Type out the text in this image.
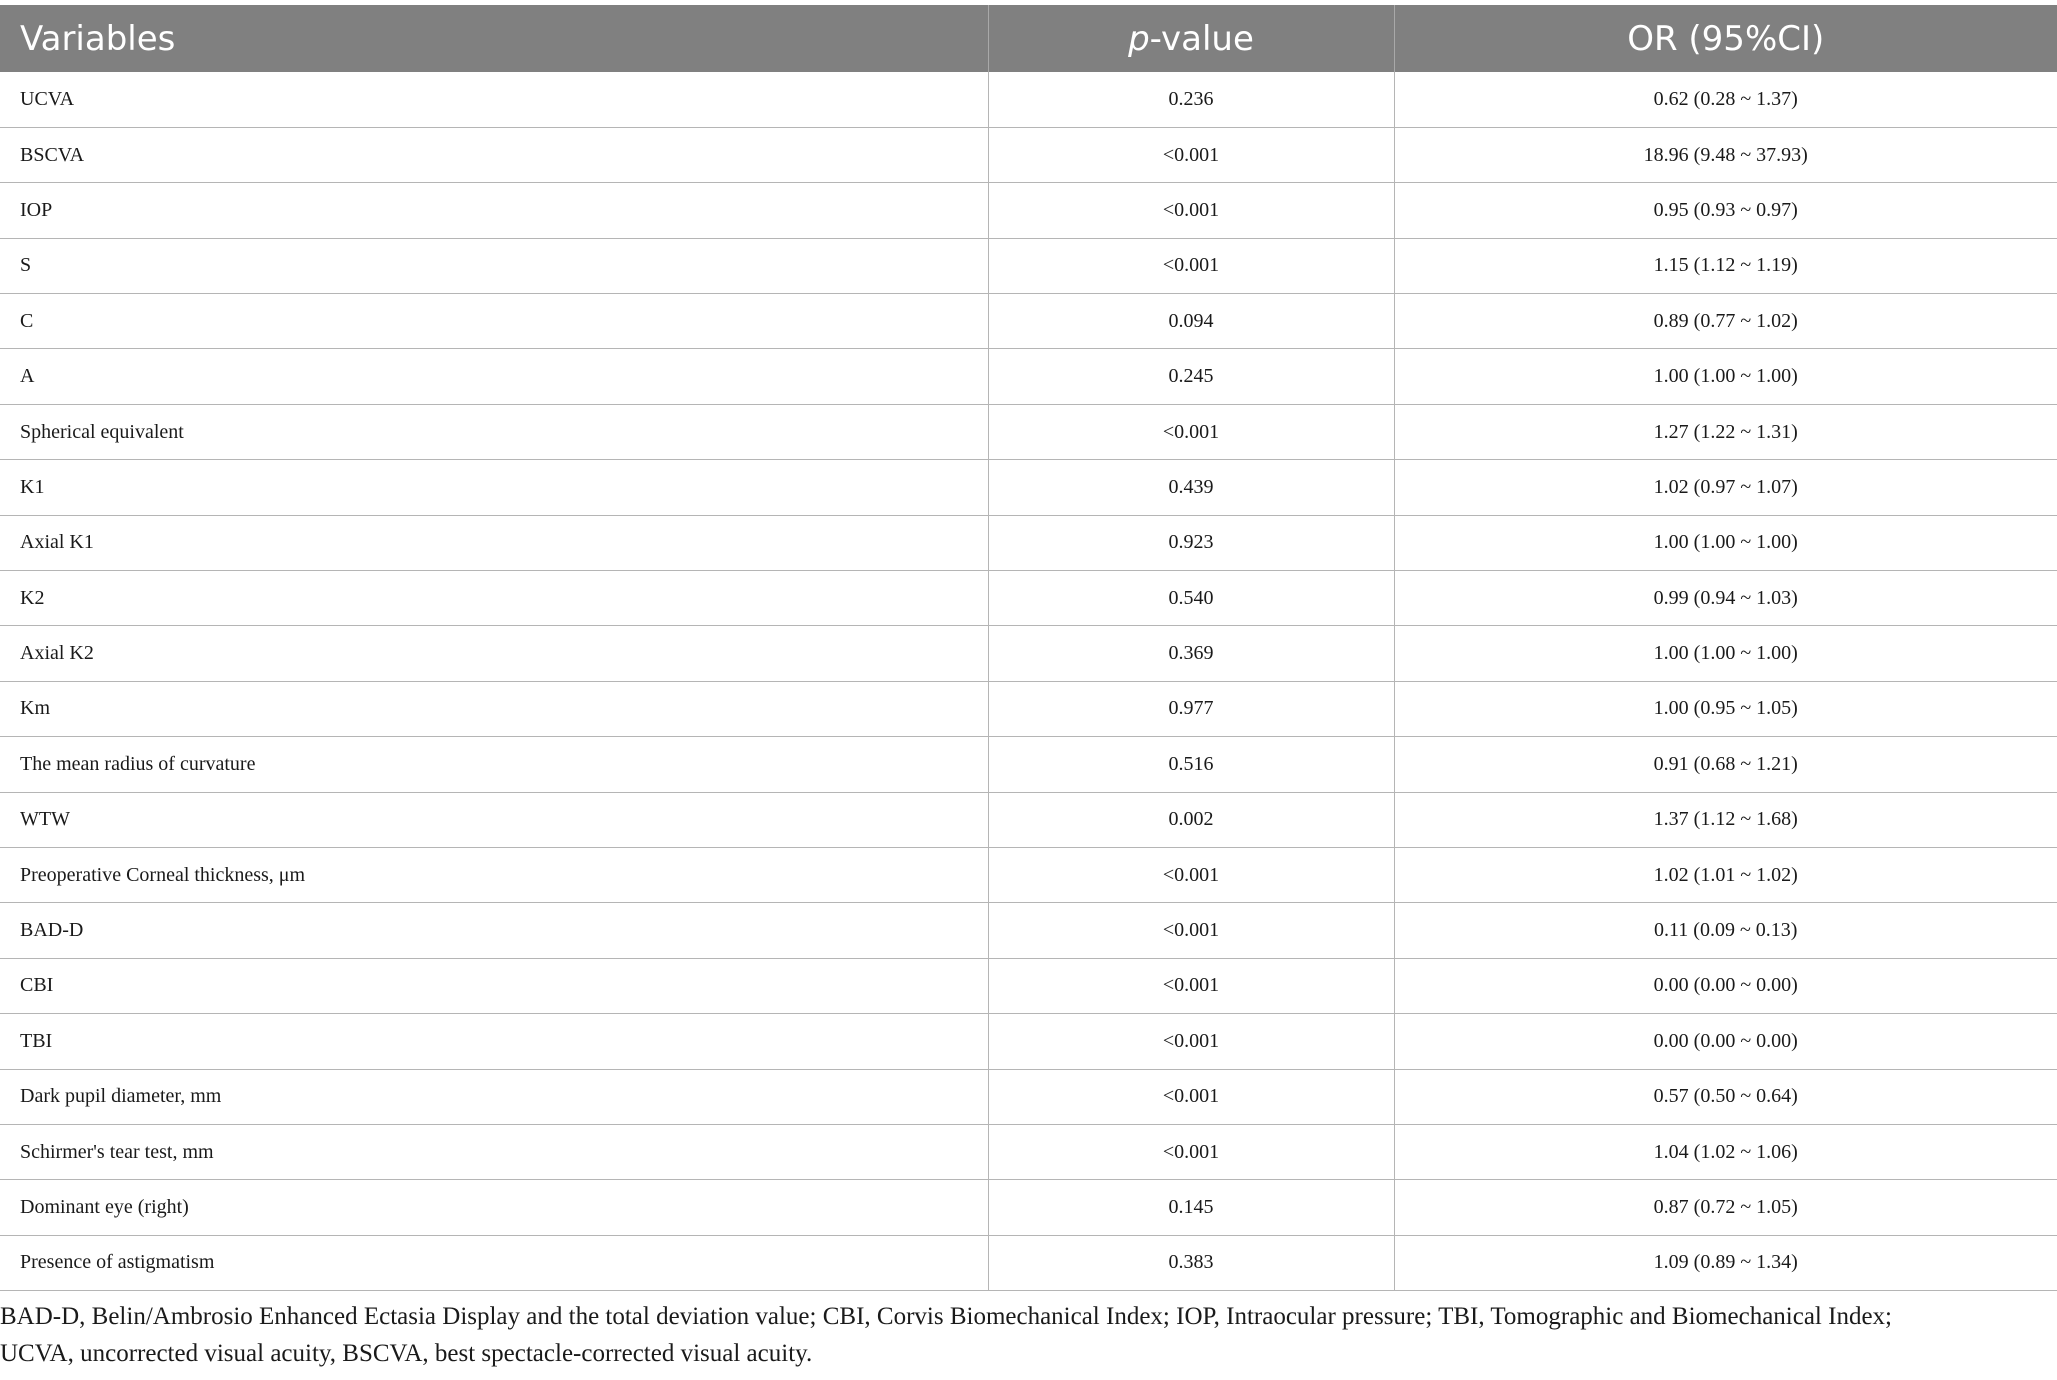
Variables	p-value	OR (95%CI)
UCVA	0.236	0.62 (0.28 ~ 1.37)
BSCVA	<0.001	18.96 (9.48 ~ 37.93)
IOP	<0.001	0.95 (0.93 ~ 0.97)
S	<0.001	1.15 (1.12 ~ 1.19)
C	0.094	0.89 (0.77 ~ 1.02)
A	0.245	1.00 (1.00 ~ 1.00)
Spherical equivalent	<0.001	1.27 (1.22 ~ 1.31)
K1	0.439	1.02 (0.97 ~ 1.07)
Axial K1	0.923	1.00 (1.00 ~ 1.00)
K2	0.540	0.99 (0.94 ~ 1.03)
Axial K2	0.369	1.00 (1.00 ~ 1.00)
Km	0.977	1.00 (0.95 ~ 1.05)
The mean radius of curvature	0.516	0.91 (0.68 ~ 1.21)
WTW	0.002	1.37 (1.12 ~ 1.68)
Preoperative Corneal thickness, μm	<0.001	1.02 (1.01 ~ 1.02)
BAD-D	<0.001	0.11 (0.09 ~ 0.13)
CBI	<0.001	0.00 (0.00 ~ 0.00)
TBI	<0.001	0.00 (0.00 ~ 0.00)
Dark pupil diameter, mm	<0.001	0.57 (0.50 ~ 0.64)
Schirmer's tear test, mm	<0.001	1.04 (1.02 ~ 1.06)
Dominant eye (right)	0.145	0.87 (0.72 ~ 1.05)
Presence of astigmatism	0.383	1.09 (0.89 ~ 1.34)
BAD-D, Belin/Ambrosio Enhanced Ectasia Display and the total deviation value; CBI, Corvis Biomechanical Index; IOP, Intraocular pressure; TBI, Tomographic and Biomechanical Index;
UCVA, uncorrected visual acuity, BSCVA, best spectacle-corrected visual acuity.
